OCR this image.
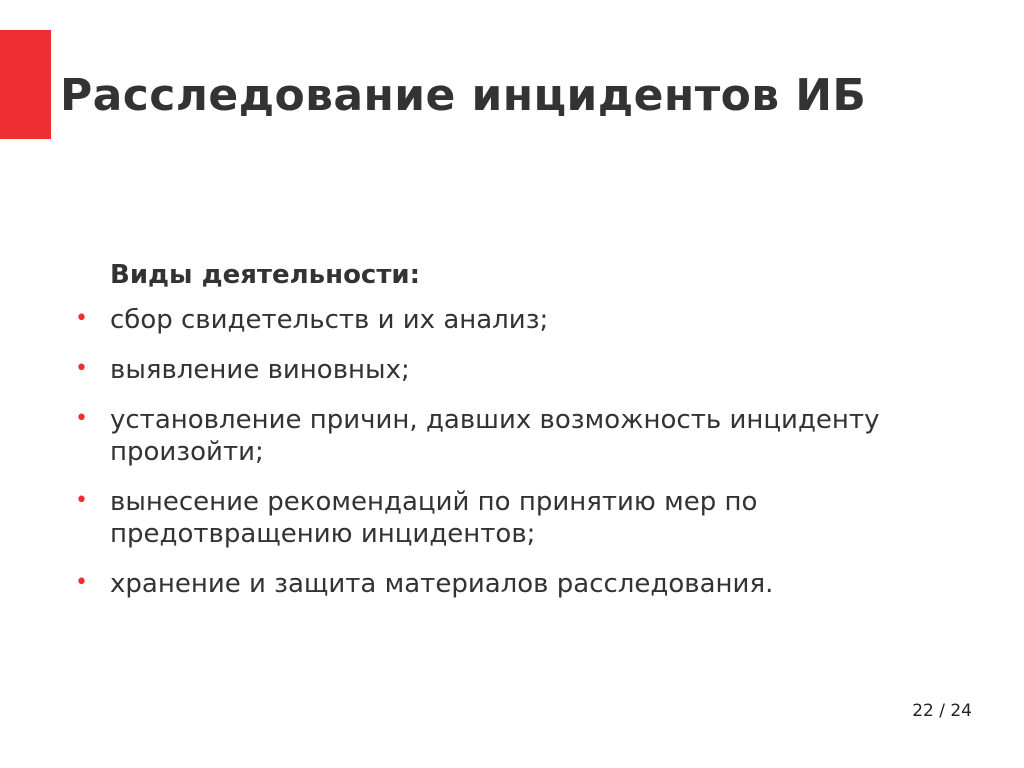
Расследование инцидентов ИБ

Виды деятельности:

• сбор свидетельств и их анализ;
• выявление виновных;
• установление причин, давших возможность инциденту произойти;
• вынесение рекомендаций по принятию мер по предотвращению инцидентов;
• хранение и защита материалов расследования.
22 / 24
